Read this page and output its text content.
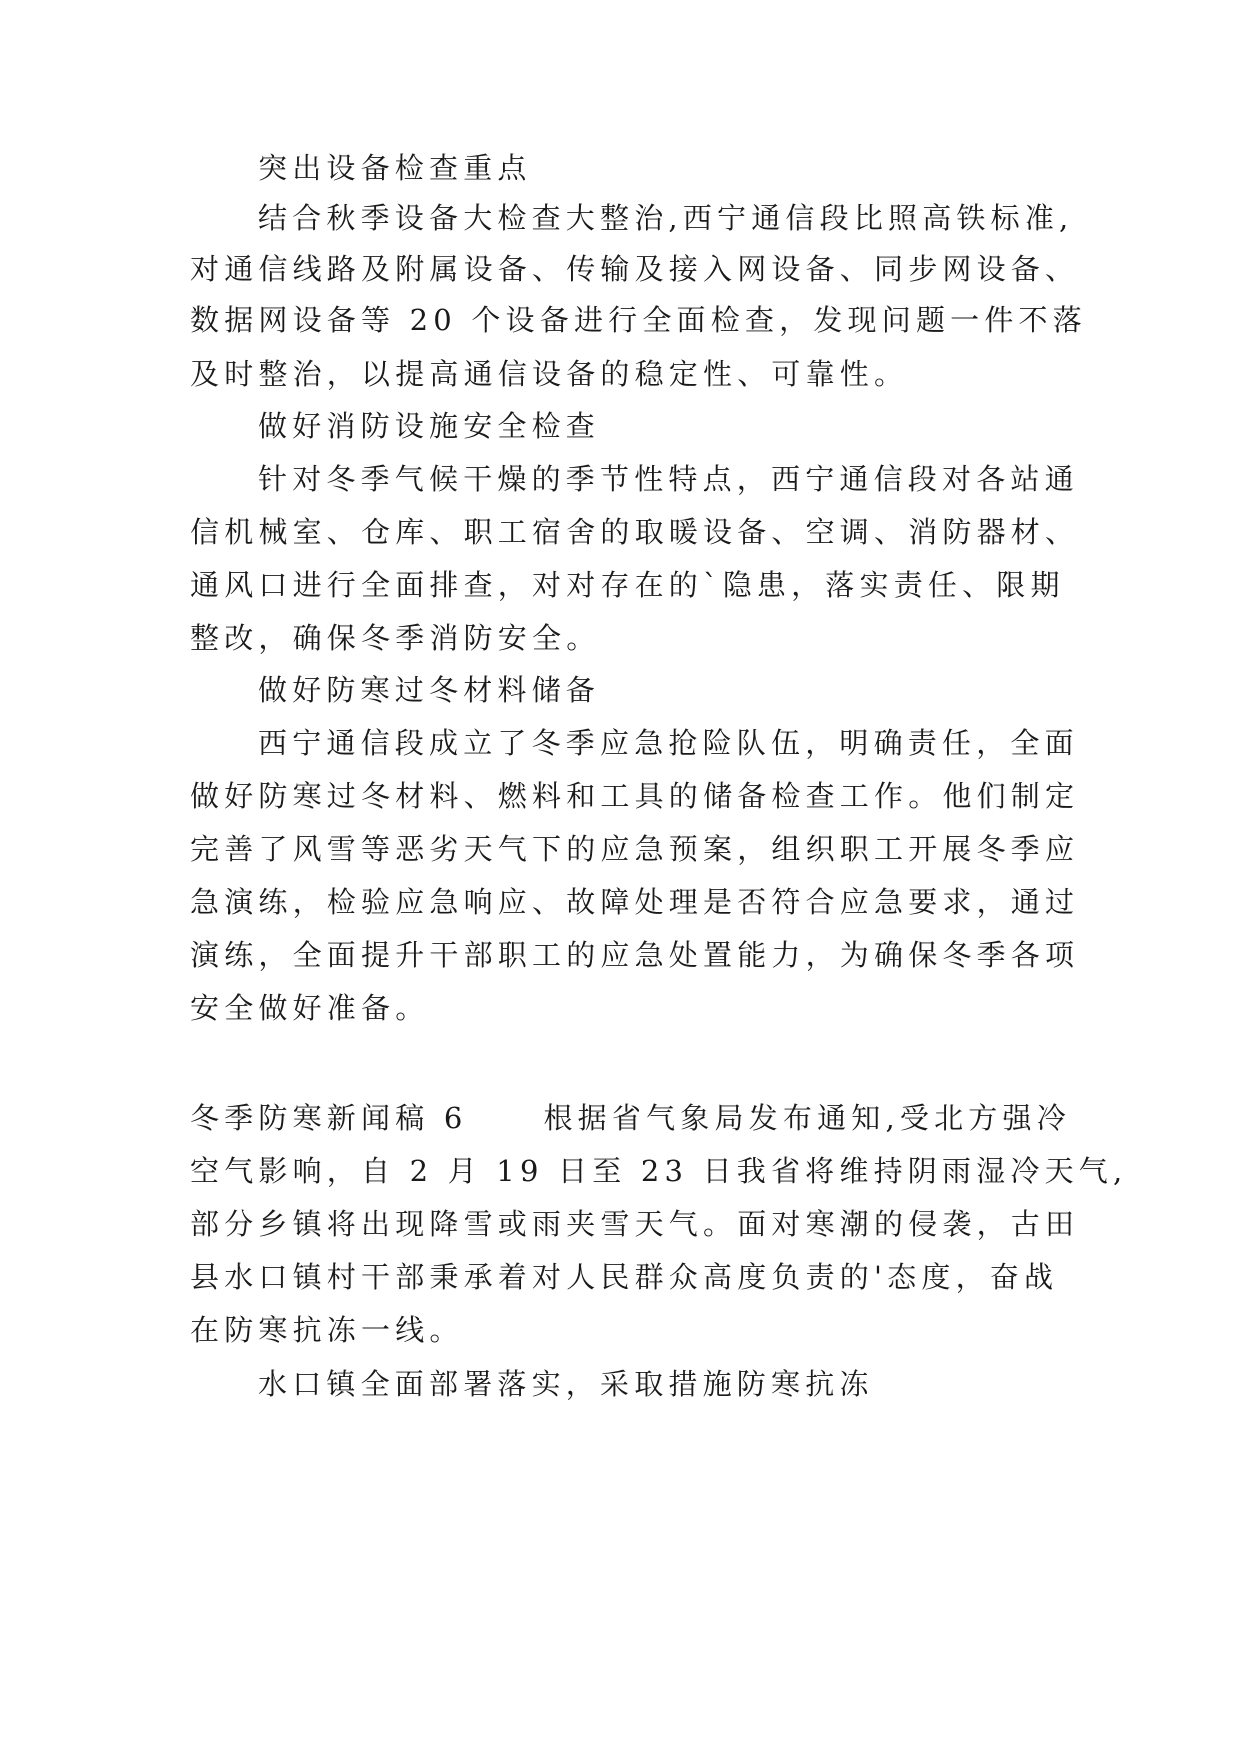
突出设备检查重点
结合秋季设备大检查大整治,西宁通信段比照高铁标准,
对通信线路及附属设备、传输及接入网设备、同步网设备、
数据网设备等 20 个设备进行全面检查，发现问题一件不落
及时整治，以提高通信设备的稳定性、可靠性。
做好消防设施安全检查
针对冬季气候干燥的季节性特点，西宁通信段对各站通
信机械室、仓库、职工宿舍的取暖设备、空调、消防器材、
通风口进行全面排查，对对存在的`隐患，落实责任、限期
整改，确保冬季消防安全。
做好防寒过冬材料储备
西宁通信段成立了冬季应急抢险队伍，明确责任，全面
做好防寒过冬材料、燃料和工具的储备检查工作。他们制定
完善了风雪等恶劣天气下的应急预案，组织职工开展冬季应
急演练，检验应急响应、故障处理是否符合应急要求，通过
演练，全面提升干部职工的应急处置能力，为确保冬季各项
安全做好准备。
冬季防寒新闻稿 6	根据省气象局发布通知,受北方强冷
空气影响，自 2 月 19 日至 23 日我省将维持阴雨湿冷天气,
部分乡镇将出现降雪或雨夹雪天气。面对寒潮的侵袭，古田
县水口镇村干部秉承着对人民群众高度负责的'态度，奋战
在防寒抗冻一线。
水口镇全面部署落实，采取措施防寒抗冻
